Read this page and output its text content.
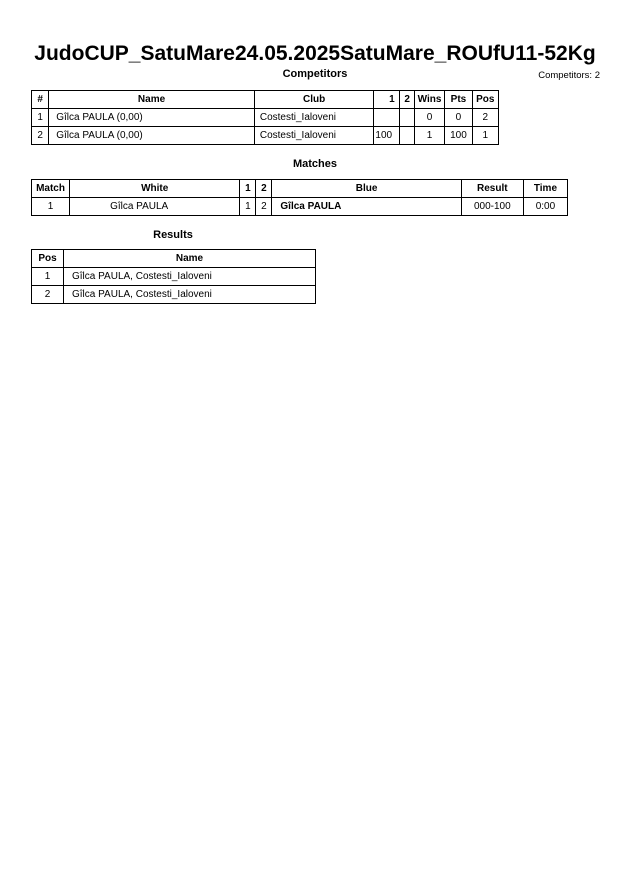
JudoCUP_SatuMare24.05.2025SatuMare_ROUfU11-52Kg
Competitors	Competitors: 2
#	Name	Club	1	2	Wins	Pts	Pos
1	Gîlca PAULA (0,00)	Costesti_Ialoveni			0	0	2
2	Gîlca PAULA (0,00)	Costesti_Ialoveni	100		1	100	1
Matches
Match	White	1	2	Blue	Result	Time
1	Gîlca PAULA	1	2	Gîlca PAULA	000-100	0:00
Results
Pos	Name
1	Gîlca PAULA, Costesti_Ialoveni
2	Gîlca PAULA, Costesti_Ialoveni
